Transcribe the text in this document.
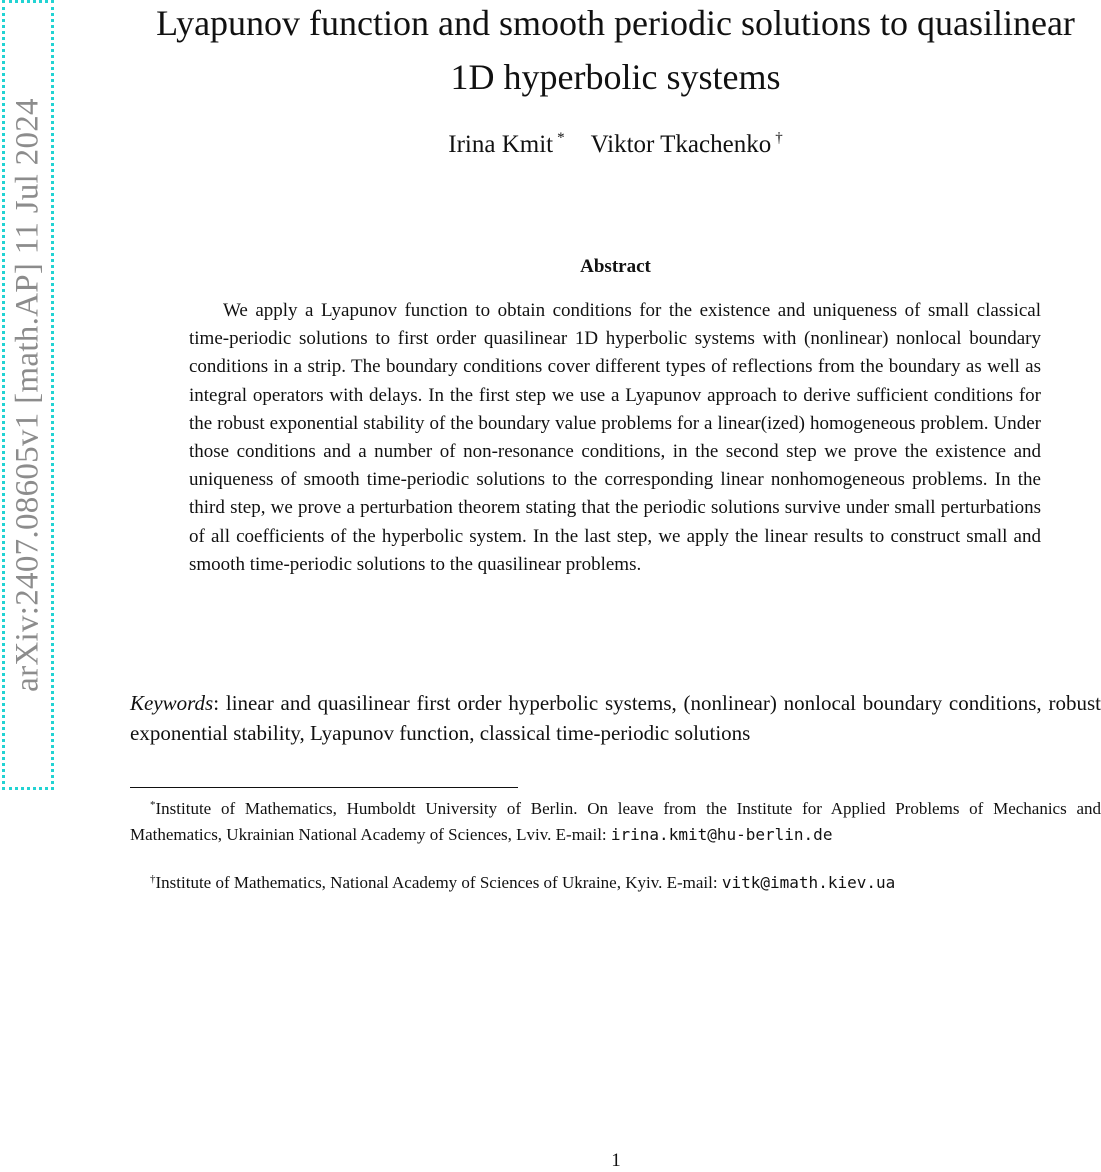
arXiv:2407.08605v1 [math.AP] 11 Jul 2024
Lyapunov function and smooth periodic solutions to quasilinear 1D hyperbolic systems
Irina Kmit * Viktor Tkachenko †
Abstract

We apply a Lyapunov function to obtain conditions for the existence and uniqueness of small classical time-periodic solutions to first order quasilinear 1D hyperbolic systems with (nonlinear) nonlocal boundary conditions in a strip. The boundary conditions cover different types of reflections from the boundary as well as integral operators with delays. In the first step we use a Lyapunov approach to derive sufficient conditions for the robust exponential stability of the boundary value problems for a linear(ized) homogeneous problem. Under those conditions and a number of non-resonance conditions, in the second step we prove the existence and uniqueness of smooth time-periodic solutions to the corresponding linear nonhomogeneous problems. In the third step, we prove a perturbation theorem stating that the periodic solutions survive under small perturbations of all coefficients of the hyperbolic system. In the last step, we apply the linear results to construct small and smooth time-periodic solutions to the quasilinear problems.

Keywords: linear and quasilinear first order hyperbolic systems, (nonlinear) nonlocal boundary conditions, robust exponential stability, Lyapunov function, classical time-periodic solutions

*Institute of Mathematics, Humboldt University of Berlin. On leave from the Institute for Applied Problems of Mechanics and Mathematics, Ukrainian National Academy of Sciences, Lviv. E-mail: irina.kmit@hu-berlin.de

†Institute of Mathematics, National Academy of Sciences of Ukraine, Kyiv. E-mail: vitk@imath.kiev.ua

1
